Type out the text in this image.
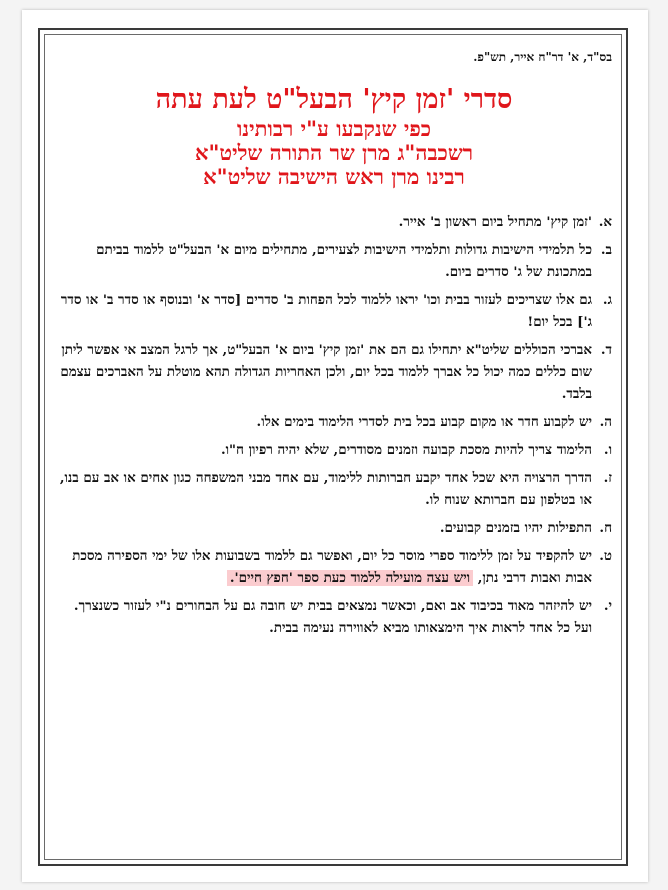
בס"ד, א' דר"ח אייר, תש"פ.
סדרי 'זמן קיץ' הבעל"ט לעת עתה
כפי שנקבעו ע"י רבותינו
רשכבה"ג מרן שר התורה שליט"א
רבינו מרן ראש הישיבה שליט"א
א.
'זמן קיץ' מתחיל ביום ראשון ב' אייר.
ב.
כל תלמידי הישיבות גדולות ותלמידי הישיבות לצעירים, מתחילים מיום א' הבעל"ט ללמוד בביתם במתכונת של ג' סדרים ביום.
ג.
גם אלו שצריכים לעזור בבית וכו' יראו ללמוד לכל הפחות ב' סדרים [סדר א' ובנוסף או סדר ב' או סדר ג'] בכל יום!
ד.
אברכי הכוללים שליט"א יתחילו גם הם את 'זמן קיץ' ביום א' הבעל"ט, אך לרגל המצב אי אפשר ליתן שום כללים כמה יכול כל אברך ללמוד בכל יום, ולכן האחריות הגדולה תהא מוטלת על האברכים עצמם בלבד.
ה.
יש לקבוע חדר או מקום קבוע בכל בית לסדרי הלימוד בימים אלו.
ו.
הלימוד צריך להיות מסכת קבועה וזמנים מסודרים, שלא יהיה רפיון ח"ו.
ז.
הדרך הרצויה היא שכל אחד יקבע חברותות ללימוד, עם אחד מבני המשפחה כגון אחים או אב עם בנו, או בטלפון עם חברותא שנוח לו.
ח.
התפילות יהיו בזמנים קבועים.
ט.
יש להקפיד על זמן ללימוד ספרי מוסר כל יום, ואפשר גם ללמוד בשבועות אלו של ימי הספירה מסכת אבות ואבות דרבי נתן, ויש עצה מועילה ללמוד כעת ספר 'חפץ חיים'.
י.
יש להיזהר מאוד בכיבוד אב ואם, וכאשר נמצאים בבית יש חובה גם על הבחורים נ"י לעזור כשנצרך. ועל כל אחד לראות איך הימצאותו מביא לאווירה נעימה בבית.
